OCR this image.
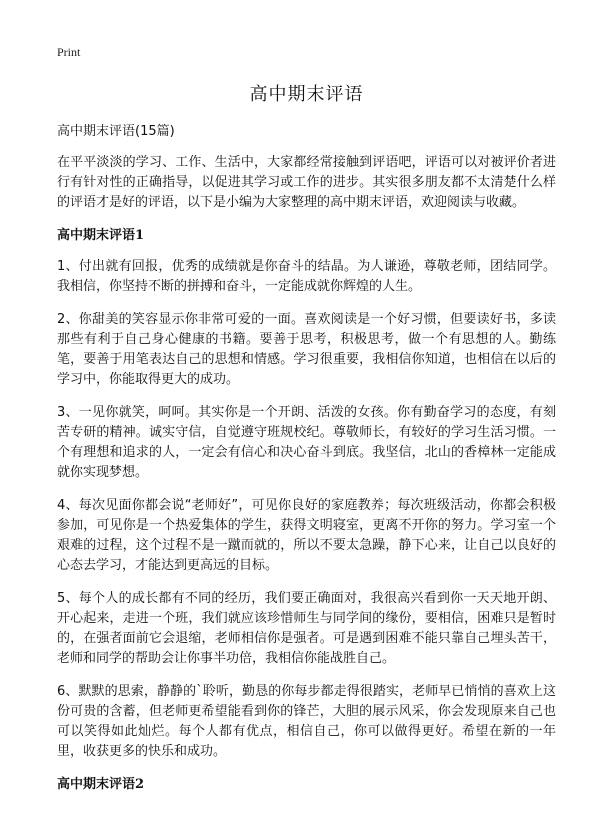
Print

高中期末评语

高中期末评语(15篇)

在平平淡淡的学习、工作、生活中，大家都经常接触到评语吧，评语可以对被评价者进行有针对性的正确指导，以促进其学习或工作的进步。其实很多朋友都不太清楚什么样的评语才是好的评语，以下是小编为大家整理的高中期末评语，欢迎阅读与收藏。

高中期末评语1

1、付出就有回报，优秀的成绩就是你奋斗的结晶。为人谦逊，尊敬老师，团结同学。我相信，你坚持不断的拼搏和奋斗，一定能成就你辉煌的人生。

2、你甜美的笑容显示你非常可爱的一面。喜欢阅读是一个好习惯，但要读好书，多读那些有利于自己身心健康的书籍。要善于思考，积极思考，做一个有思想的人。勤练笔，要善于用笔表达自己的思想和情感。学习很重要，我相信你知道，也相信在以后的学习中，你能取得更大的成功。

3、一见你就笑，呵呵。其实你是一个开朗、活泼的女孩。你有勤奋学习的态度，有刻苦专研的精神。诚实守信，自觉遵守班规校纪。尊敬师长，有较好的学习生活习惯。一个有理想和追求的人，一定会有信心和决心奋斗到底。我坚信，北山的香樟林一定能成就你实现梦想。

4、每次见面你都会说“老师好”，可见你良好的家庭教养；每次班级活动，你都会积极参加，可见你是一个热爱集体的学生，获得文明寝室，更离不开你的努力。学习室一个艰难的过程，这个过程不是一蹴而就的，所以不要太急躁，静下心来，让自己以良好的心态去学习，才能达到更高远的目标。

5、每个人的成长都有不同的经历，我们要正确面对，我很高兴看到你一天天地开朗、开心起来，走进一个班，我们就应该珍惜师生与同学间的缘份，要相信，困难只是暂时的，在强者面前它会退缩，老师相信你是强者。可是遇到困难不能只靠自己埋头苦干，老师和同学的帮助会让你事半功倍，我相信你能战胜自己。

6、默默的思索，静静的`聆听，勤恳的你每步都走得很踏实，老师早已悄悄的喜欢上这份可贵的含蓄，但老师更希望能看到你的锋芒，大胆的展示风采，你会发现原来自己也可以笑得如此灿烂。每个人都有优点，相信自己，你可以做得更好。希望在新的一年里，收获更多的快乐和成功。

高中期末评语2
